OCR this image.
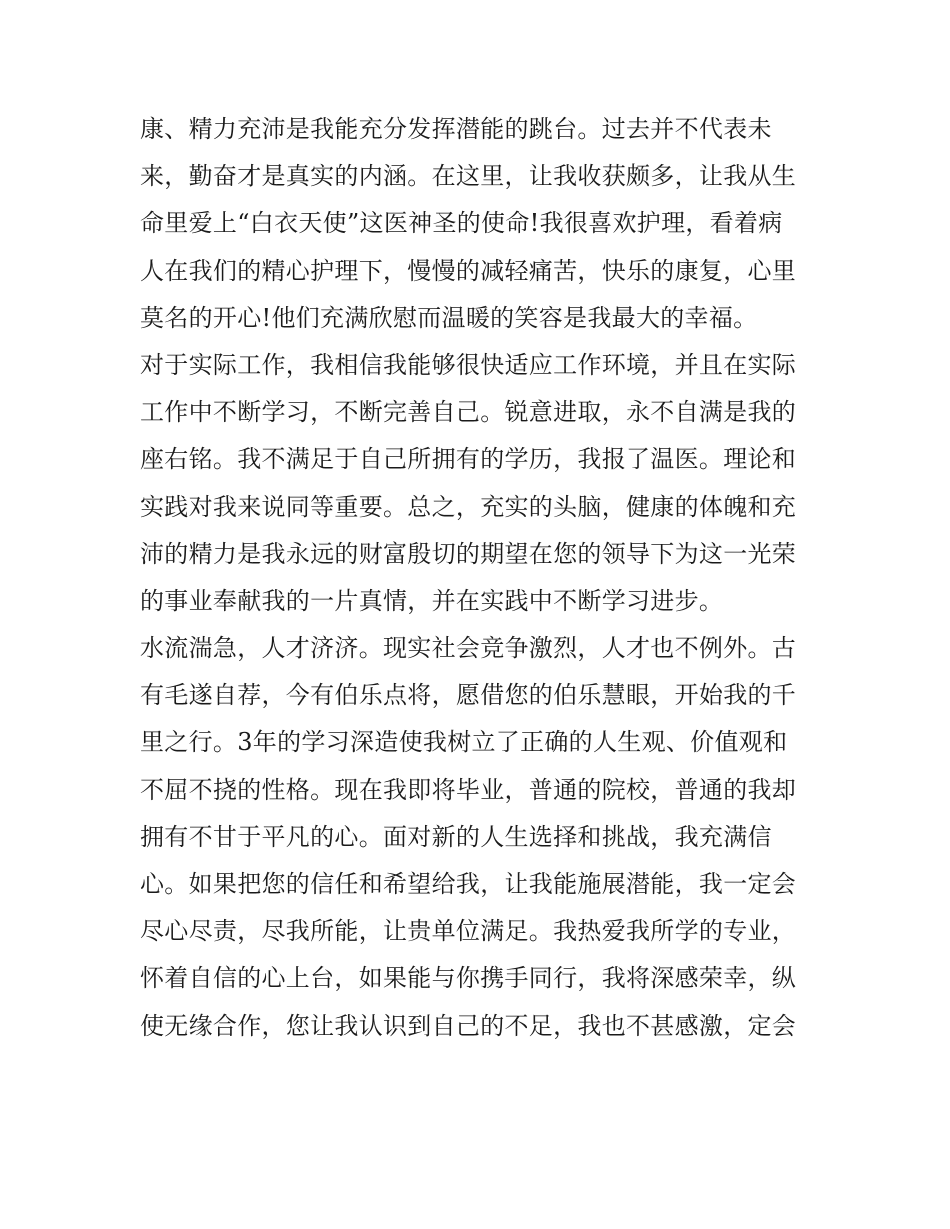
康、精力充沛是我能充分发挥潜能的跳台。过去并不代表未
来，勤奋才是真实的内涵。在这里，让我收获颇多，让我从生
命里爱上“白衣天使”这医神圣的使命!我很喜欢护理，看着病
人在我们的精心护理下，慢慢的减轻痛苦，快乐的康复，心里
莫名的开心!他们充满欣慰而温暖的笑容是我最大的幸福。
对于实际工作，我相信我能够很快适应工作环境，并且在实际
工作中不断学习，不断完善自己。锐意进取，永不自满是我的
座右铭。我不满足于自己所拥有的学历，我报了温医。理论和
实践对我来说同等重要。总之，充实的头脑，健康的体魄和充
沛的精力是我永远的财富殷切的期望在您的领导下为这一光荣
的事业奉献我的一片真情，并在实践中不断学习进步。
水流湍急，人才济济。现实社会竞争激烈，人才也不例外。古
有毛遂自荐，今有伯乐点将，愿借您的伯乐慧眼，开始我的千
里之行。3年的学习深造使我树立了正确的人生观、价值观和
不屈不挠的性格。现在我即将毕业，普通的院校，普通的我却
拥有不甘于平凡的心。面对新的人生选择和挑战，我充满信
心。如果把您的信任和希望给我，让我能施展潜能，我一定会
尽心尽责，尽我所能，让贵单位满足。我热爱我所学的专业，
怀着自信的心上台，如果能与你携手同行，我将深感荣幸，纵
使无缘合作，您让我认识到自己的不足，我也不甚感激，定会
